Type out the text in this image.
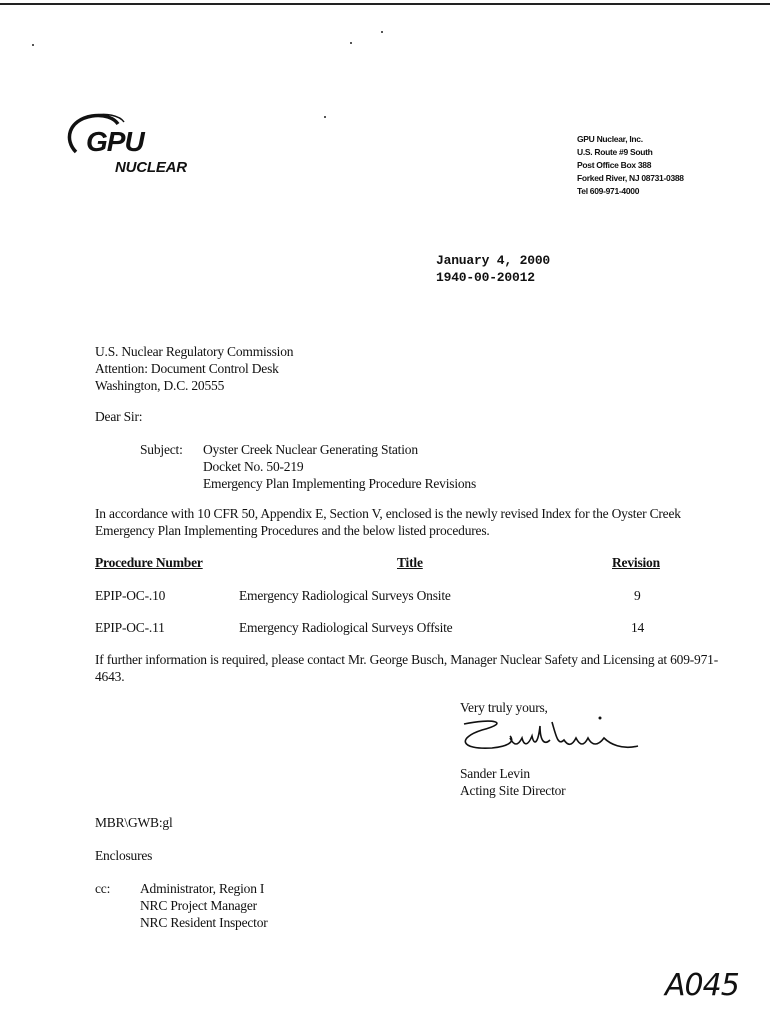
GPU
NUCLEAR
GPU Nuclear, Inc.
U.S. Route #9 South
Post Office Box 388
Forked River, NJ 08731-0388
Tel 609-971-4000
January 4, 2000
1940-00-20012
U.S. Nuclear Regulatory Commission
Attention: Document Control Desk
Washington, D.C. 20555
Dear Sir:
Subject: Oyster Creek Nuclear Generating Station
Docket No. 50-219
Emergency Plan Implementing Procedure Revisions
In accordance with 10 CFR 50, Appendix E, Section V, enclosed is the newly revised Index for the Oyster Creek Emergency Plan Implementing Procedures and the below listed procedures.
Procedure Number	Title	Revision
EPIP-OC-.10	Emergency Radiological Surveys Onsite	9
EPIP-OC-.11	Emergency Radiological Surveys Offsite	14
If further information is required, please contact Mr. George Busch, Manager Nuclear Safety and Licensing at 609-971-4643.
Very truly yours,
Sander Levin
Acting Site Director
MBR\GWB:gl
Enclosures
cc: Administrator, Region I
NRC Project Manager
NRC Resident Inspector
A045
